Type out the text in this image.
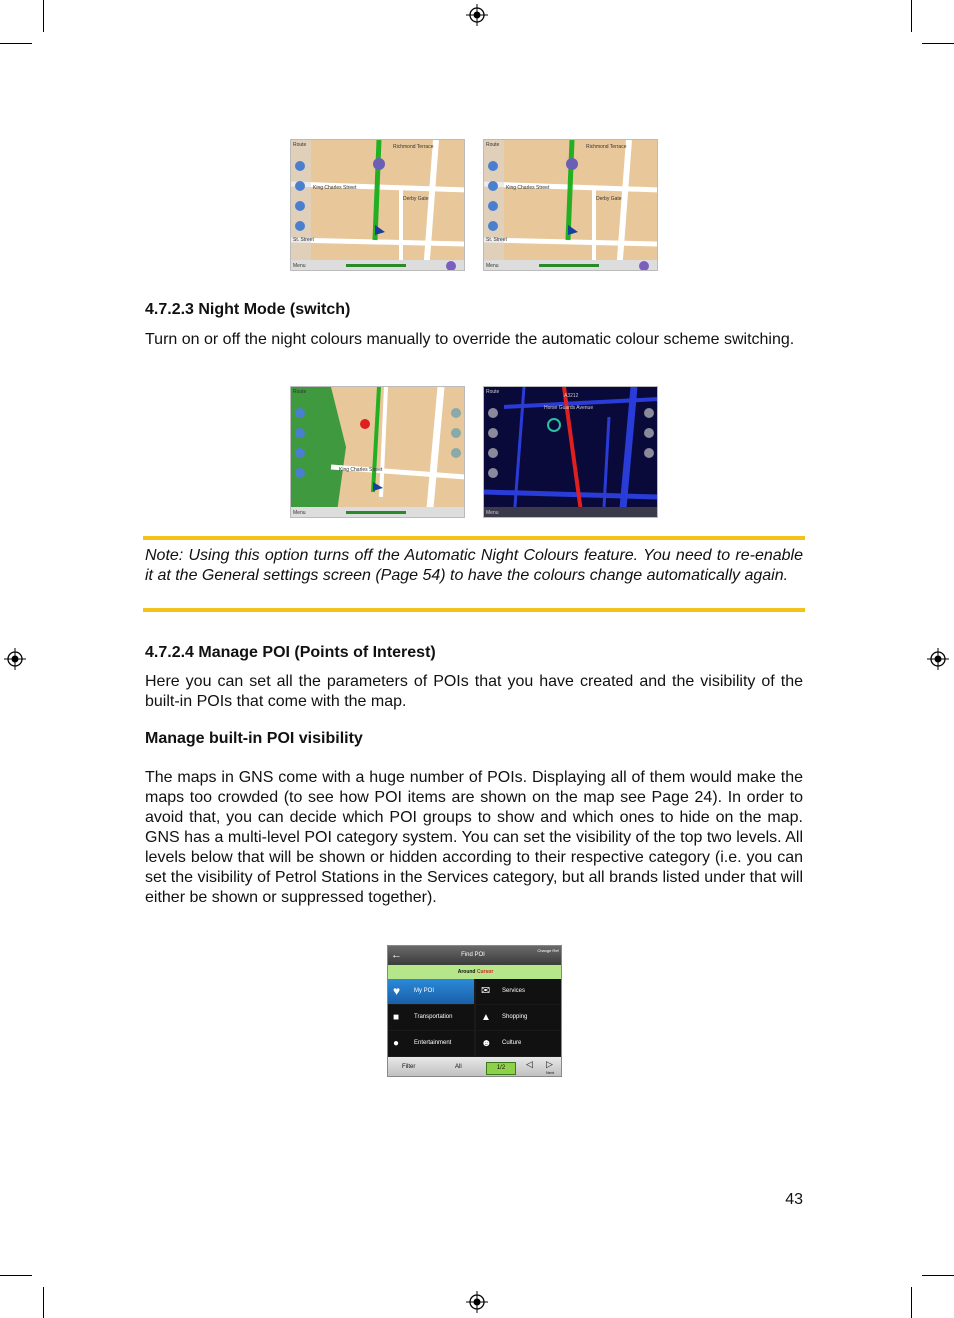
Route	Richmond Terrace
King Charles Street
Derby Gate
St. Street
Menu
Route	Richmond Terrace
King Charles Street
Derby Gate
St. Street
Menu
4.7.2.3 Night Mode (switch)

Turn on or off the night colours manually to override the automatic colour scheme switching.

Route
King Charles Street
Menu
Route
Horse Guards Avenue
A3212
Menu
Note: Using this option turns off the Automatic Night Colours feature. You need to re-enable it at the General settings screen (Page 54) to have the colours change automatically again.
4.7.2.4 Manage POI (Points of Interest)

Here you can set all the parameters of POIs that you have created and the visibility of the built-in POIs that come with the map.

Manage built-in POI visibility

The maps in GNS come with a huge number of POIs. Displaying all of them would make the maps too crowded (to see how POI items are shown on the map see Page 24). In order to avoid that, you can decide which POI groups to show and which ones to hide on the map. GNS has a multi-level POI category system. You can set the visibility of the top two levels. All levels below that will be shown or hidden according to their respective category (i.e. you can set the visibility of Petrol Stations in the Services category, but all brands listed under that will either be shown or suppressed together).

←	Find POI
Change Ref
Around Cursor
♥ My POI	✉ Services
■ Transportation	▲ Shopping
● Entertainment	☻ Culture
Filter	All	1/2	◁ ▷
Next
43
